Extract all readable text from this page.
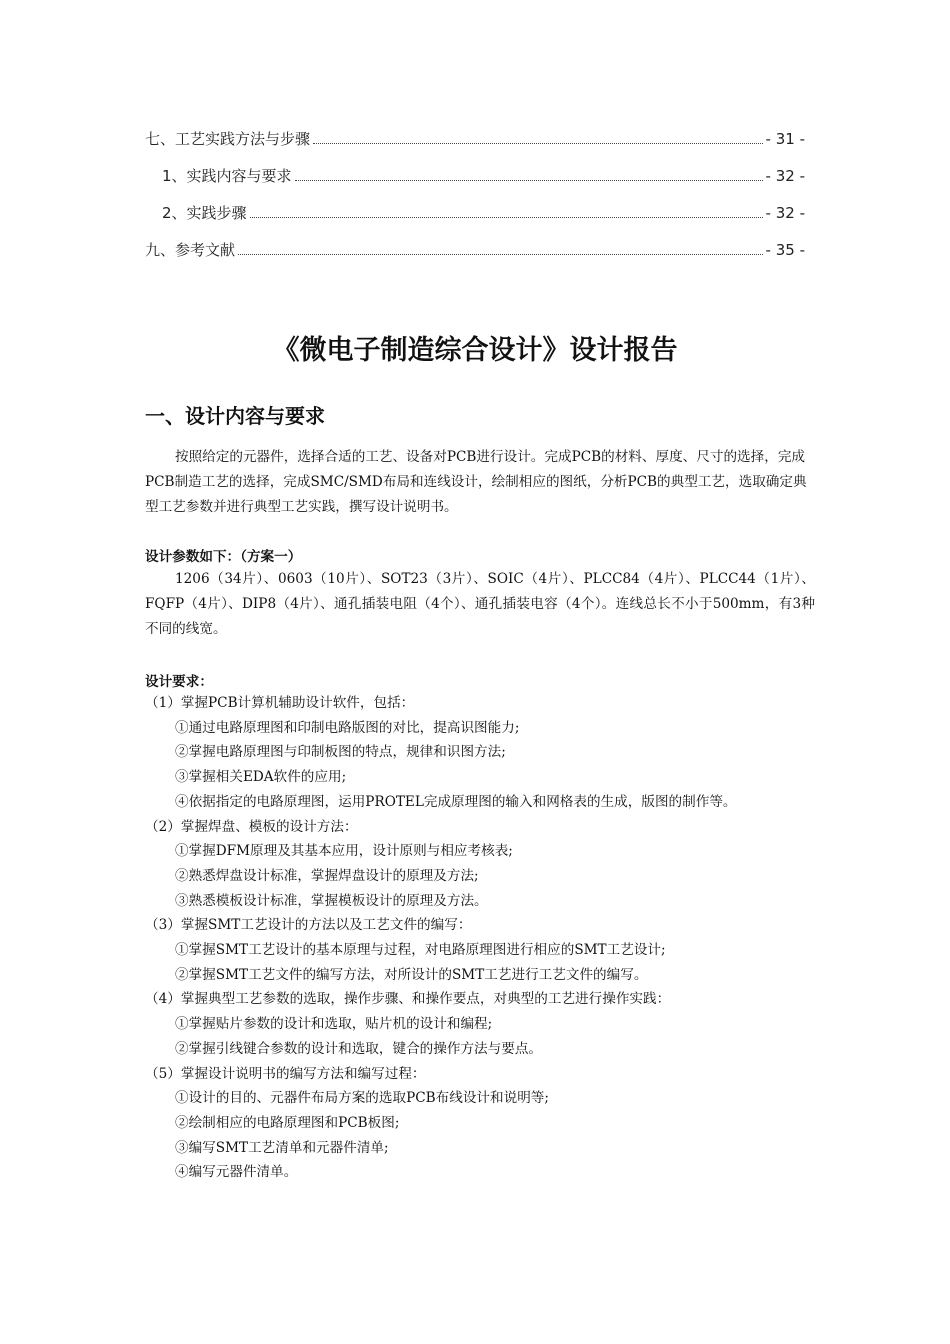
七、工艺实践方法与步骤	- 31 -
1、实践内容与要求	- 32 -
2、实践步骤	- 32 -
九、参考文献	- 35 -
《微电子制造综合设计》设计报告
一、设计内容与要求
按照给定的元器件，选择合适的工艺、设备对PCB进行设计。完成PCB的材料、厚度、尺寸的选择，完成PCB制造工艺的选择，完成SMC/SMD布局和连线设计，绘制相应的图纸，分析PCB的典型工艺，选取确定典型工艺参数并进行典型工艺实践，撰写设计说明书。
设计参数如下：（方案一）
1206（34片）、0603（10片）、SOT23（3片）、SOIC（4片）、PLCC84（4片）、PLCC44（1片）、FQFP（4片）、DIP8（4片）、通孔插装电阻（4个）、通孔插装电容（4个）。连线总长不小于500mm，有3种不同的线宽。
设计要求：
（1）掌握PCB计算机辅助设计软件，包括：
①通过电路原理图和印制电路版图的对比，提高识图能力;
②掌握电路原理图与印制板图的特点，规律和识图方法;
③掌握相关EDA软件的应用;
④依据指定的电路原理图，运用PROTEL完成原理图的输入和网格表的生成，版图的制作等。
（2）掌握焊盘、模板的设计方法：
①掌握DFM原理及其基本应用，设计原则与相应考核表;
②熟悉焊盘设计标准，掌握焊盘设计的原理及方法;
③熟悉模板设计标准，掌握模板设计的原理及方法。
（3）掌握SMT工艺设计的方法以及工艺文件的编写：
①掌握SMT工艺设计的基本原理与过程，对电路原理图进行相应的SMT工艺设计;
②掌握SMT工艺文件的编写方法，对所设计的SMT工艺进行工艺文件的编写。
（4）掌握典型工艺参数的选取，操作步骤、和操作要点，对典型的工艺进行操作实践：
①掌握贴片参数的设计和选取，贴片机的设计和编程;
②掌握引线键合参数的设计和选取，键合的操作方法与要点。
（5）掌握设计说明书的编写方法和编写过程：
①设计的目的、元器件布局方案的选取PCB布线设计和说明等;
②绘制相应的电路原理图和PCB板图;
③编写SMT工艺清单和元器件清单;
④编写元器件清单。
